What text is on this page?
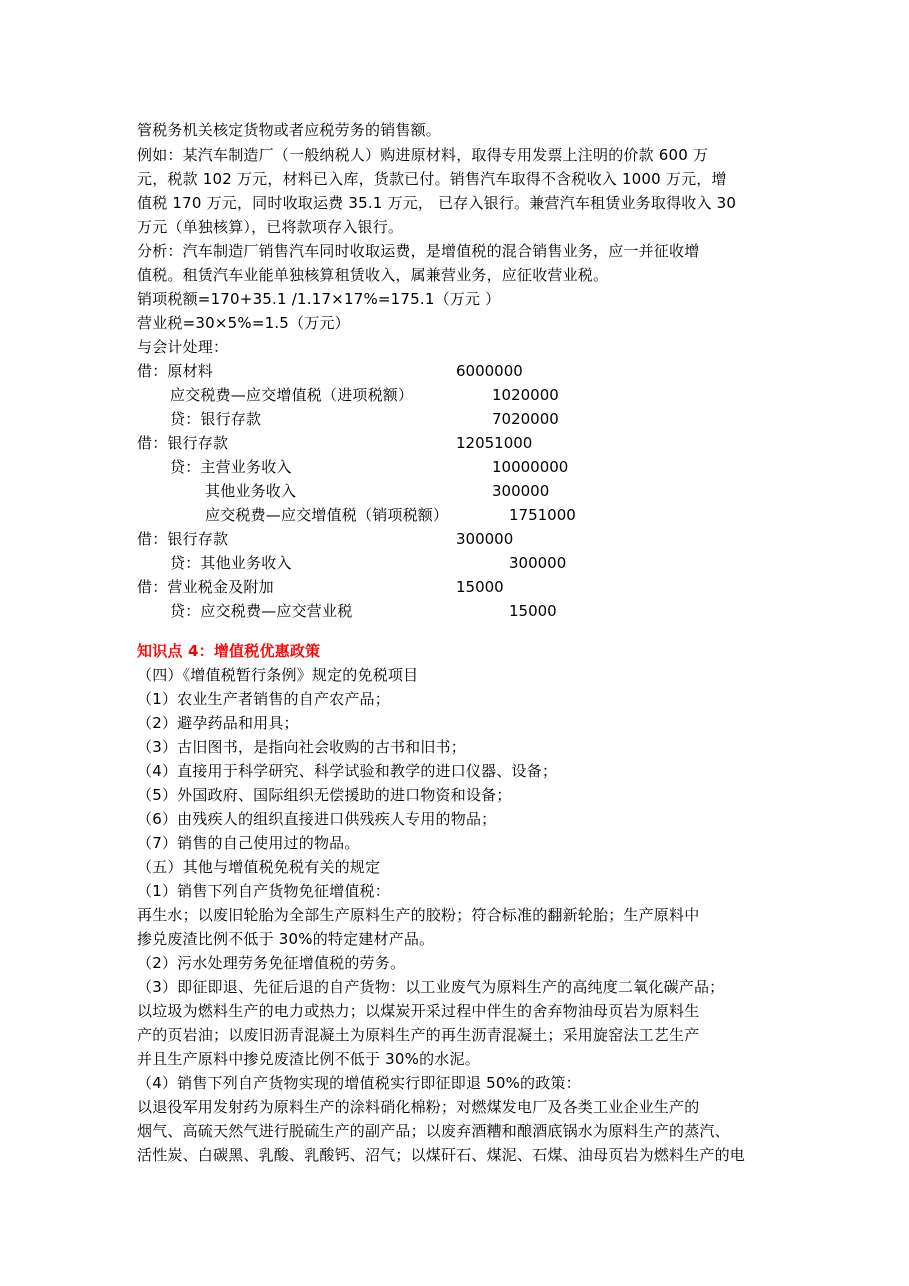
管税务机关核定货物或者应税劳务的销售额。
例如：某汽车制造厂（一般纳税人）购进原材料，取得专用发票上注明的价款 600 万
元，税款 102 万元，材料已入库，货款已付。销售汽车取得不含税收入 1000 万元，增
值税 170 万元，同时收取运费 35.1 万元， 已存入银行。兼营汽车租赁业务取得收入 30
万元（单独核算），已将款项存入银行。
分析：汽车制造厂销售汽车同时收取运费，是增值税的混合销售业务，应一并征收增
值税。租赁汽车业能单独核算租赁收入，属兼营业务，应征收营业税。
销项税额=170+35.1 /1.17×17%=175.1（万元 ）
营业税=30×5%=1.5（万元）
与会计处理：
借：原材料	6000000
应交税费—应交增值税（进项税额）	1020000
贷：银行存款	7020000
借：银行存款	12051000
贷：主营业务收入	10000000
其他业务收入	300000
应交税费—应交增值税（销项税额）	1751000
借：银行存款	300000
贷：其他业务收入	300000
借：营业税金及附加	15000
贷：应交税费—应交营业税	15000
知识点 4：增值税优惠政策
（四）《增值税暂行条例》规定的免税项目
（1）农业生产者销售的自产农产品；
（2）避孕药品和用具；
（3）古旧图书，是指向社会收购的古书和旧书；
（4）直接用于科学研究、科学试验和教学的进口仪器、设备；
（5）外国政府、国际组织无偿援助的进口物资和设备；
（6）由残疾人的组织直接进口供残疾人专用的物品；
（7）销售的自己使用过的物品。
（五）其他与增值税免税有关的规定
（1）销售下列自产货物免征增值税：
再生水；以废旧轮胎为全部生产原料生产的胶粉；符合标准的翻新轮胎；生产原料中
掺兑废渣比例不低于 30%的特定建材产品。
（2）污水处理劳务免征增值税的劳务。
（3）即征即退、先征后退的自产货物：以工业废气为原料生产的高纯度二氧化碳产品；
以垃圾为燃料生产的电力或热力；以煤炭开采过程中伴生的舍弃物油母页岩为原料生
产的页岩油；以废旧沥青混凝土为原料生产的再生沥青混凝土；采用旋窑法工艺生产
并且生产原料中掺兑废渣比例不低于 30%的水泥。
（4）销售下列自产货物实现的增值税实行即征即退 50%的政策：
以退役军用发射药为原料生产的涂料硝化棉粉；对燃煤发电厂及各类工业企业生产的
烟气、高硫天然气进行脱硫生产的副产品；以废弃酒糟和酿酒底锅水为原料生产的蒸汽、
活性炭、白碳黑、乳酸、乳酸钙、沼气；以煤矸石、煤泥、石煤、油母页岩为燃料生产的电
